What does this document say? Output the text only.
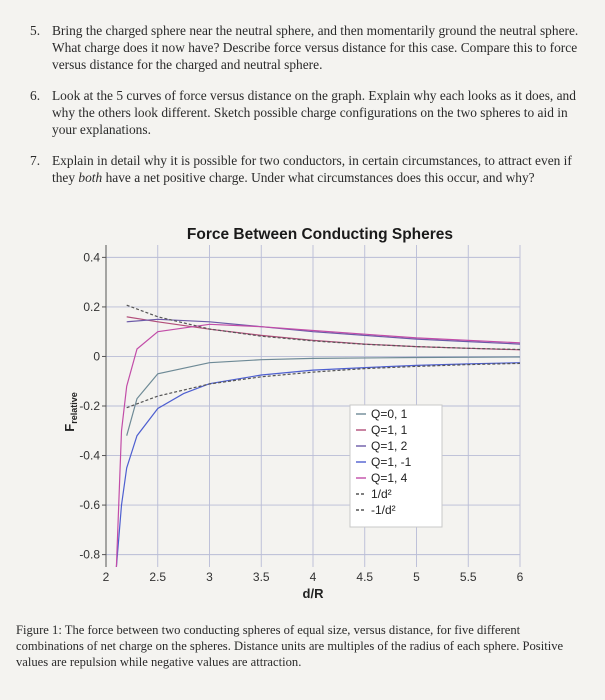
5. Bring the charged sphere near the neutral sphere, and then momentarily ground the neutral sphere. What charge does it now have? Describe force versus distance for this case. Compare this to force versus distance for the charged and neutral sphere.
6. Look at the 5 curves of force versus distance on the graph. Explain why each looks as it does, and why the others look different. Sketch possible charge configurations on the two spheres to aid in your explanations.
7. Explain in detail why it is possible for two conductors, in certain circumstances, to attract even if they both have a net positive charge. Under what circumstances does this occur, and why?
Force Between Conducting Spheres
0.4
0.2
0
-0.2
-0.4
-0.6
-0.8
2	2.5	3	3.5	4	4.5	5	5.5	6
d/R
$F_{relative}$	Q=0, 1
Q=1, 1
Q=1, 2
Q=1, -1
Q=1, 4
1/d²
-1/d²
Figure 1: The force between two conducting spheres of equal size, versus distance, for five different combinations of net charge on the spheres. Distance units are multiples of the radius of each sphere. Positive values are repulsion while negative values are attraction.
